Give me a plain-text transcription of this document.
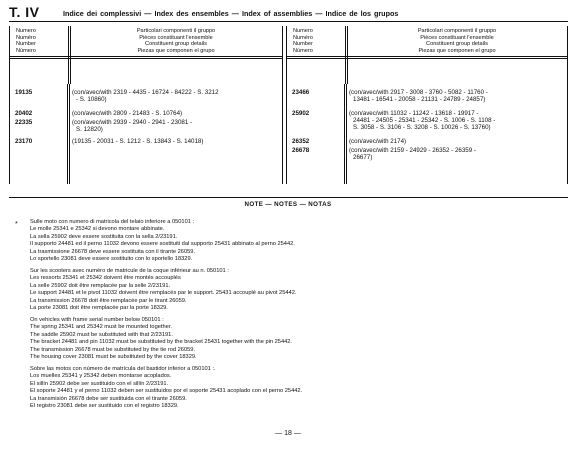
T. IV	Indice dei complessivi — Index des ensembles — Index of assemblies — Indice de los grupos
Numero
Numéro
Number
Número
Particolari componenti il gruppo
Pièces constituant l'ensemble
Constituent group details
Piezas que componen el grupo
Numero
Numéro
Number
Número
Particolari componenti il gruppo
Pièces constituant l'ensemble
Constituent group details
Piezas que componen el grupo
19135	(con/avec/with 2319 - 4435 - 16724 - 84222 - S. 3212
- S. 10860)
20402	(con/avec/with 2809 - 21483 - S. 10764)
22335	(con/avec/with 2939 - 2940 - 2941 - 23081 -
S. 12820)
23170	(19135 - 20031 - S. 1212 - S. 13843 - S. 14018)
23466	(con/avec/with 2917 - 3008 - 3760 - 5082 - 11760 -
13481 - 16541 - 20058 - 21131 - 24789 - 24857)
25902	(con/avec/with 11032 - 11242 - 13618 - 19917 -
24481 - 24505 - 25341 - 25342 - S. 1006 - S. 1108 -
S. 3058 - S. 3106 - S. 3208 - S. 10026 - S. 13760)
26352	(con/avec/with 2174)
26678	(con/avec/with 2159 - 24929 - 26352 - 26359 -
26677)
NOTE — NOTES — NOTAS
* Sulle moto con numero di matricola del telaio inferiore a 050101 :
Le molle 25341 e 25342 si devono montare abbinate.
La sella 25902 deve essere sostituita con la sella 2/23191.
Il supporto 24481 ed il perno 11032 devono essere sostituiti dal supporto 25431 abbinato al perno 25442.
La trasmissione 26678 deve essere sostituita con il tirante 26059.
Lo sportello 23081 deve essere sostituito con lo sportello 18329.
Sur les scooters avec numéro de matricule de la coque inférieur au n. 050101 :
Les ressorts 25341 et 25342 doivent être montés accouplés
La selle 25902 doit être remplacée par la selle 2/23191.
Le support 24481 et le pivot 11032 doivent être remplacés par le support. 25431 accouplé au pivot 25442.
La transmission 26678 doit être remplacée par le tirant 26059.
La porte 23081 doit être remplacée par la porte 18329.
On vehicles with frame serial number below 050101 :
The spring 25341 and 25342 must be mounted together.
The saddle 25902 must be substituted with that 2/23191.
The bracket 24481 and pin 11032 must be substituted by the bracket 25431 together with the pin 25442.
The transmission 26678 must be substituted by the tie rod 26059.
The housing cover 23081 must be substituted by the cover 18329.
Sobre las motos con número de matrícula del bastidor inferior a 050101 :.
Los muelles 25341 y 25342 deben montarse acoplados.
El sillín 25902 debe ser sustituido con el sillín 2/23191.
El soporte 24481 y el perno 11032 deben ser sustituidos por el soporte 25431 acoplado con el perno 25442.
La transmisión 26678 debe ser sustituida con el tirante 26059.
El registro 23081 debe ser sustituido con el registro 18329.
— 18 —
